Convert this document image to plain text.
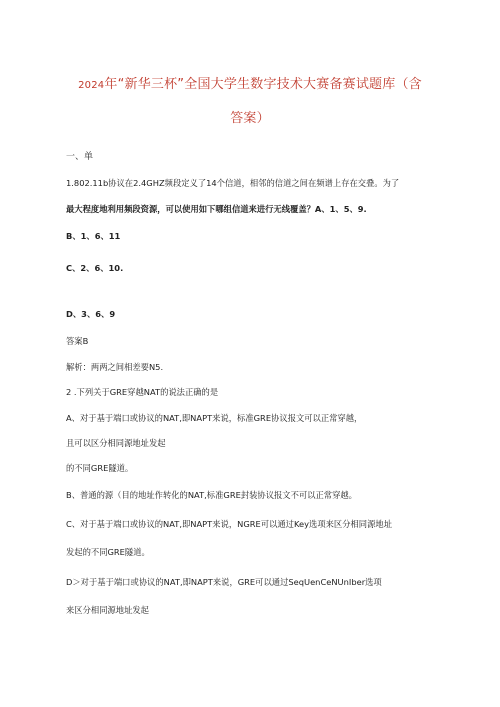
2024年“新华三杯”全国大学生数字技术大赛备赛试题库（含
答案）
一、单
1.802.11b协议在2.4GHZ频段定义了14个信道，相邻的信道之间在频谱上存在交叠。为了
最大程度地利用频段资源，可以使用如下哪组信道来进行无线覆盖？A、1、5、9.
B、1、6、11
C、2、6、10.
D、3、6、9
答案B
解析：两两之间相差要N5.
2 .下列关于GRE穿越NAT的说法正确的是
A、对于基于端口或协议的NAT,即NAPT来说，标准GRE协议报文可以正常穿越，
且可以区分相同源地址发起
的不同GRE隧道。
B、普通的源（目的地址作转化的NAT,标准GRE封装协议报文不可以正常穿越。
C、对于基于端口或协议的NAT,即NAPT来说，NGRE可以通过Key选项来区分相同源地址
发起的不同GRE隧道。
D＞对于基于端口或协议的NAT,即NAPT来说，GRE可以通过SeqUenCeNUnIber选项
来区分相同源地址发起
